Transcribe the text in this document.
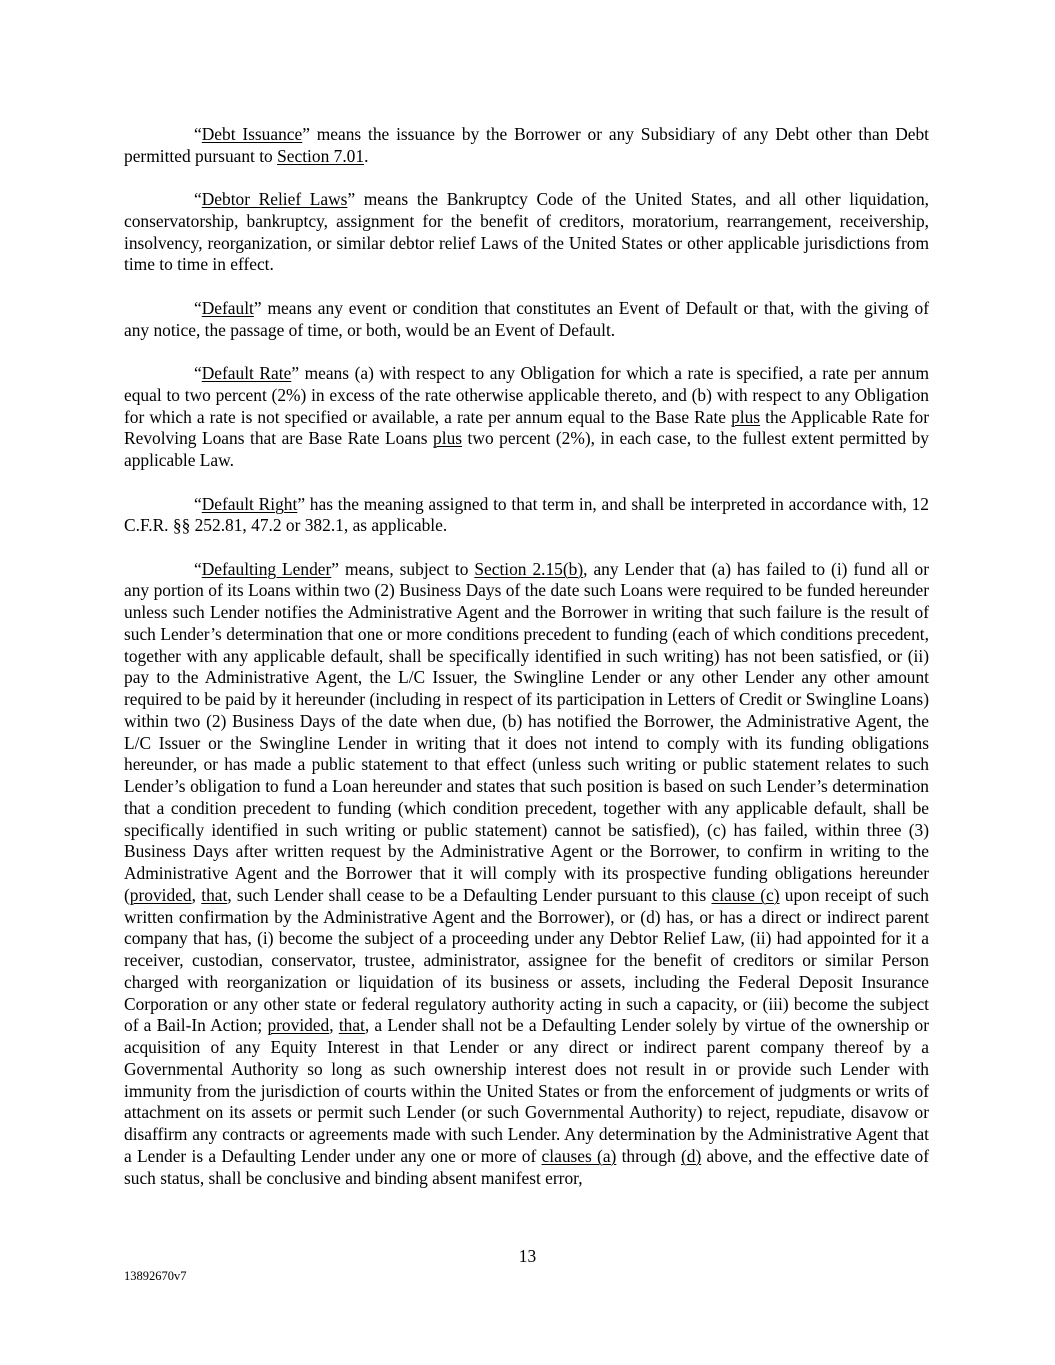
“Debt Issuance” means the issuance by the Borrower or any Subsidiary of any Debt other than Debt permitted pursuant to Section 7.01.

“Debtor Relief Laws” means the Bankruptcy Code of the United States, and all other liquidation, conservatorship, bankruptcy, assignment for the benefit of creditors, moratorium, rearrangement, receivership, insolvency, reorganization, or similar debtor relief Laws of the United States or other applicable jurisdictions from time to time in effect.

“Default” means any event or condition that constitutes an Event of Default or that, with the giving of any notice, the passage of time, or both, would be an Event of Default.

“Default Rate” means (a) with respect to any Obligation for which a rate is specified, a rate per annum equal to two percent (2%) in excess of the rate otherwise applicable thereto, and (b) with respect to any Obligation for which a rate is not specified or available, a rate per annum equal to the Base Rate plus the Applicable Rate for Revolving Loans that are Base Rate Loans plus two percent (2%), in each case, to the fullest extent permitted by applicable Law.

“Default Right” has the meaning assigned to that term in, and shall be interpreted in accordance with, 12 C.F.R. §§ 252.81, 47.2 or 382.1, as applicable.

“Defaulting Lender” means, subject to Section 2.15(b), any Lender that (a) has failed to (i) fund all or any portion of its Loans within two (2) Business Days of the date such Loans were required to be funded hereunder unless such Lender notifies the Administrative Agent and the Borrower in writing that such failure is the result of such Lender’s determination that one or more conditions precedent to funding (each of which conditions precedent, together with any applicable default, shall be specifically identified in such writing) has not been satisfied, or (ii) pay to the Administrative Agent, the L/C Issuer, the Swingline Lender or any other Lender any other amount required to be paid by it hereunder (including in respect of its participation in Letters of Credit or Swingline Loans) within two (2) Business Days of the date when due, (b) has notified the Borrower, the Administrative Agent, the L/C Issuer or the Swingline Lender in writing that it does not intend to comply with its funding obligations hereunder, or has made a public statement to that effect (unless such writing or public statement relates to such Lender’s obligation to fund a Loan hereunder and states that such position is based on such Lender’s determination that a condition precedent to funding (which condition precedent, together with any applicable default, shall be specifically identified in such writing or public statement) cannot be satisfied), (c) has failed, within three (3) Business Days after written request by the Administrative Agent or the Borrower, to confirm in writing to the Administrative Agent and the Borrower that it will comply with its prospective funding obligations hereunder (provided, that, such Lender shall cease to be a Defaulting Lender pursuant to this clause (c) upon receipt of such written confirmation by the Administrative Agent and the Borrower), or (d) has, or has a direct or indirect parent company that has, (i) become the subject of a proceeding under any Debtor Relief Law, (ii) had appointed for it a receiver, custodian, conservator, trustee, administrator, assignee for the benefit of creditors or similar Person charged with reorganization or liquidation of its business or assets, including the Federal Deposit Insurance Corporation or any other state or federal regulatory authority acting in such a capacity, or (iii) become the subject of a Bail-In Action; provided, that, a Lender shall not be a Defaulting Lender solely by virtue of the ownership or acquisition of any Equity Interest in that Lender or any direct or indirect parent company thereof by a Governmental Authority so long as such ownership interest does not result in or provide such Lender with immunity from the jurisdiction of courts within the United States or from the enforcement of judgments or writs of attachment on its assets or permit such Lender (or such Governmental Authority) to reject, repudiate, disavow or disaffirm any contracts or agreements made with such Lender. Any determination by the Administrative Agent that a Lender is a Defaulting Lender under any one or more of clauses (a) through (d) above, and the effective date of such status, shall be conclusive and binding absent manifest error,

13
13892670v7
